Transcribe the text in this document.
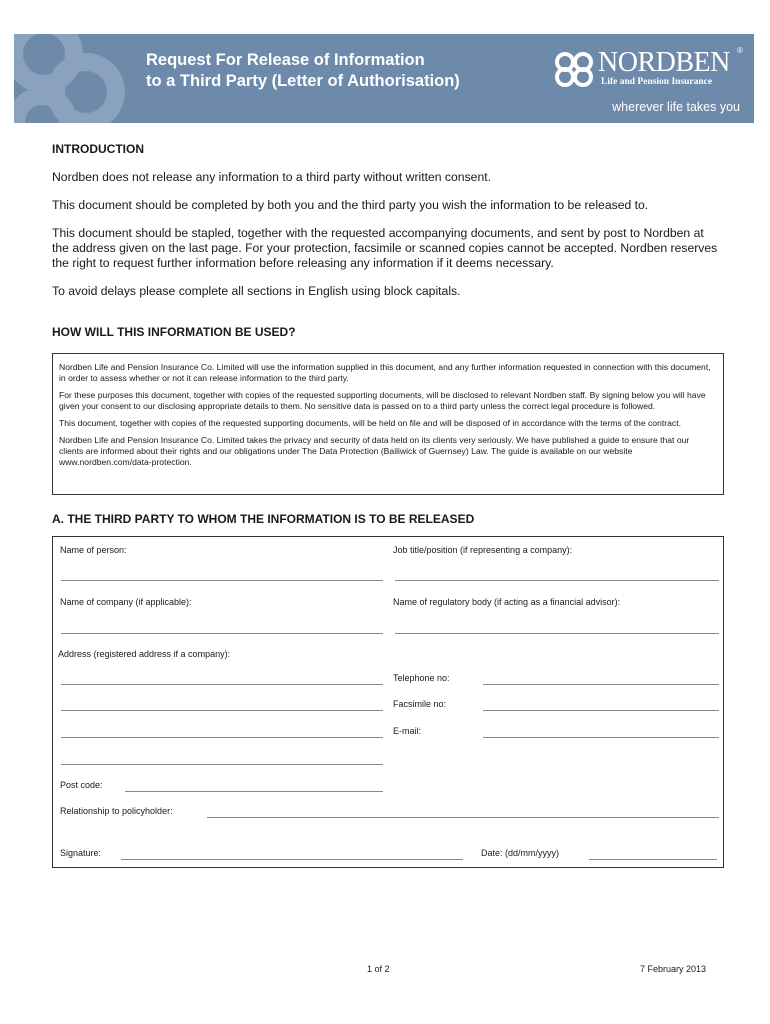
Request For Release of Information
to a Third Party (Letter of Authorisation)
NORDBEN ®
Life and Pension Insurance
wherever life takes you
INTRODUCTION

Nordben does not release any information to a third party without written consent.

This document should be completed by both you and the third party you wish the information to be released to.

This document should be stapled, together with the requested accompanying documents, and sent by post to Nordben at the address given on the last page. For your protection, facsimile or scanned copies cannot be accepted. Nordben reserves the right to request further information before releasing any information if it deems necessary.

To avoid delays please complete all sections in English using block capitals.

HOW WILL THIS INFORMATION BE USED?

Nordben Life and Pension Insurance Co. Limited will use the information supplied in this document, and any further information requested in connection with this document, in order to assess whether or not it can release information to the third party.

For these purposes this document, together with copies of the requested supporting documents, will be disclosed to relevant Nordben staff. By signing below you will have given your consent to our disclosing appropriate details to them. No sensitive data is passed on to a third party unless the correct legal procedure is followed.

This document, together with copies of the requested supporting documents, will be held on file and will be disposed of in accordance with the terms of the contract.

Nordben Life and Pension Insurance Co. Limited takes the privacy and security of data held on its clients very seriously. We have published a guide to ensure that our clients are informed about their rights and our obligations under The Data Protection (Bailiwick of Guernsey) Law. The guide is available on our website www.nordben.com/data-protection.

A. THE THIRD PARTY TO WHOM THE INFORMATION IS TO BE RELEASED
Name of person:	Job title/position (if representing a company):
Name of company (if applicable):	Name of regulatory body (if acting as a financial advisor):
Address (registered address if a company):
Telephone no:
Facsimile no:
E-mail:
Post code:
Relationship to policyholder:
Signature:	Date: (dd/mm/yyyy)
1 of 2	7 February 2013
